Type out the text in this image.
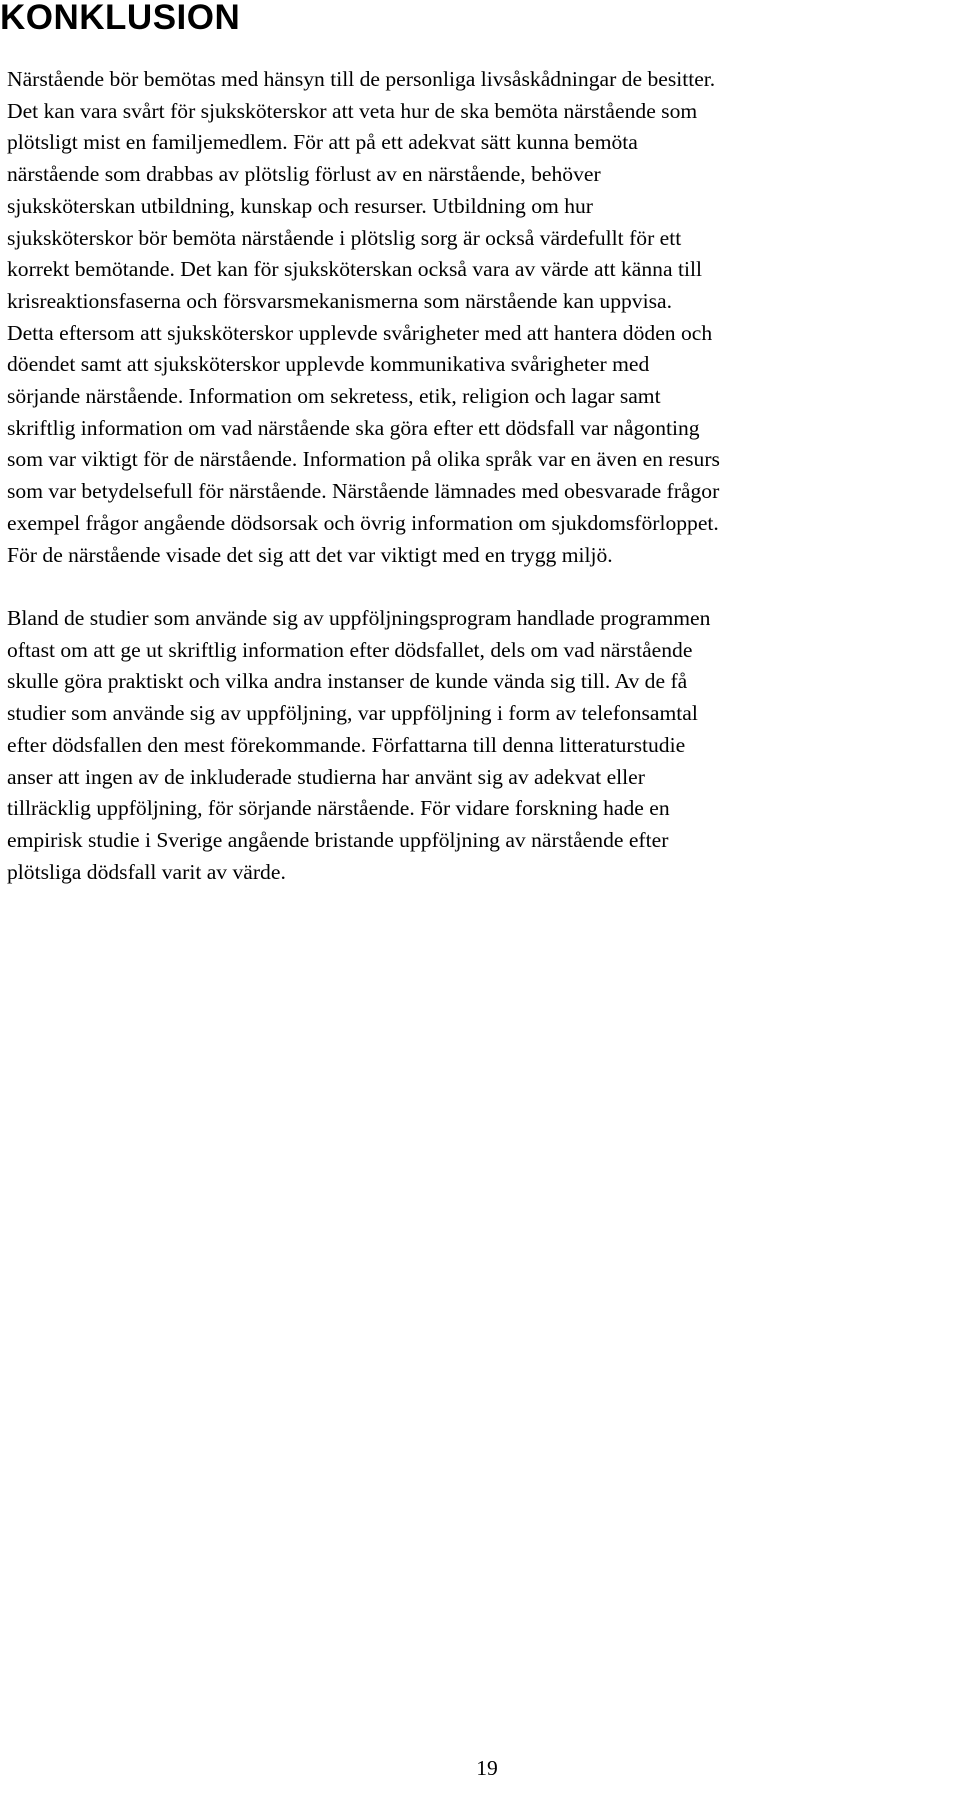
KONKLUSION

Närstående bör bemötas med hänsyn till de personliga livsåskådningar de besitter.
Det kan vara svårt för sjuksköterskor att veta hur de ska bemöta närstående som
plötsligt mist en familjemedlem. För att på ett adekvat sätt kunna bemöta
närstående som drabbas av plötslig förlust av en närstående, behöver
sjuksköterskan utbildning, kunskap och resurser. Utbildning om hur
sjuksköterskor bör bemöta närstående i plötslig sorg är också värdefullt för ett
korrekt bemötande. Det kan för sjuksköterskan också vara av värde att känna till
krisreaktionsfaserna och försvarsmekanismerna som närstående kan uppvisa.
Detta eftersom att sjuksköterskor upplevde svårigheter med att hantera döden och
döendet samt att sjuksköterskor upplevde kommunikativa svårigheter med
sörjande närstående. Information om sekretess, etik, religion och lagar samt
skriftlig information om vad närstående ska göra efter ett dödsfall var någonting
som var viktigt för de närstående. Information på olika språk var en även en resurs
som var betydelsefull för närstående. Närstående lämnades med obesvarade frågor
exempel frågor angående dödsorsak och övrig information om sjukdomsförloppet.
För de närstående visade det sig att det var viktigt med en trygg miljö.

Bland de studier som använde sig av uppföljningsprogram handlade programmen
oftast om att ge ut skriftlig information efter dödsfallet, dels om vad närstående
skulle göra praktiskt och vilka andra instanser de kunde vända sig till. Av de få
studier som använde sig av uppföljning, var uppföljning i form av telefonsamtal
efter dödsfallen den mest förekommande. Författarna till denna litteraturstudie
anser att ingen av de inkluderade studierna har använt sig av adekvat eller
tillräcklig uppföljning, för sörjande närstående. För vidare forskning hade en
empirisk studie i Sverige angående bristande uppföljning av närstående efter
plötsliga dödsfall varit av värde.

19
